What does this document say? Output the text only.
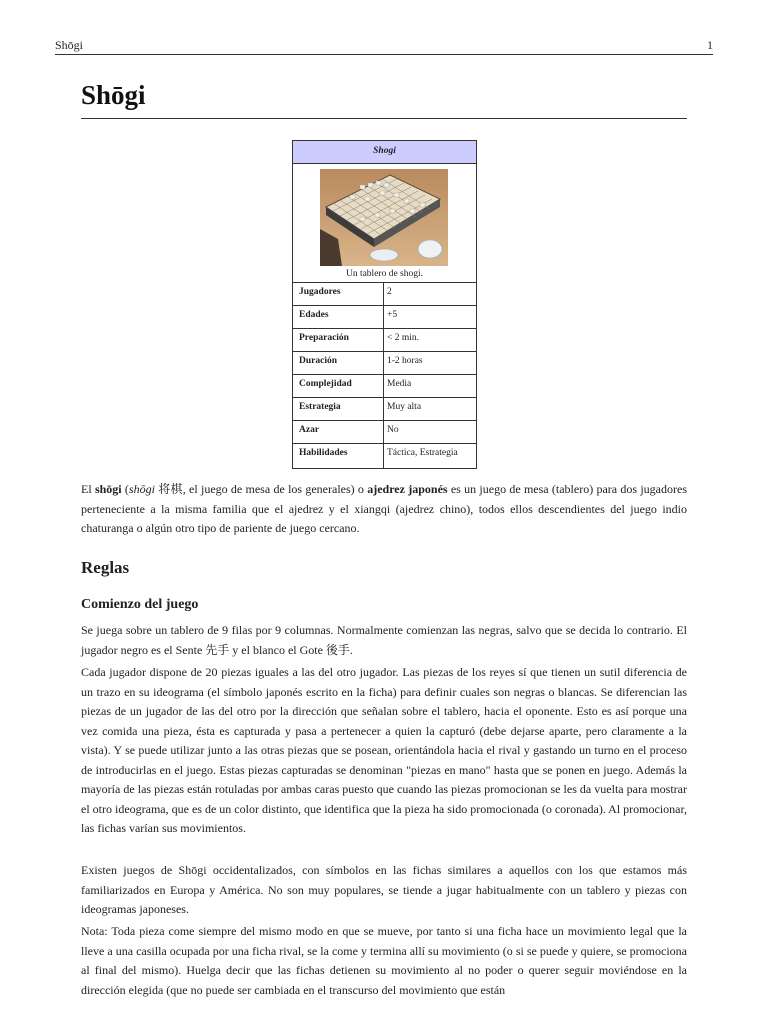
Shōgi	1
Shōgi
Shogi
Un tablero de shogi.
Jugadores	2
Edades	+5
Preparación	< 2 min.
Duración	1-2 horas
Complejidad	Media
Estrategia	Muy alta
Azar	No
Habilidades	Táctica, Estrategia

El shōgi (shōgi 将棋, el juego de mesa de los generales) o ajedrez japonés es un juego de mesa (tablero) para dos jugadores perteneciente a la misma familia que el ajedrez y el xiangqi (ajedrez chino), todos ellos descendientes del juego indio chaturanga o algún otro tipo de pariente de juego cercano.

Reglas
Comienzo del juego

Se juega sobre un tablero de 9 filas por 9 columnas. Normalmente comienzan las negras, salvo que se decida lo contrario. El jugador negro es el Sente 先手 y el blanco el Gote 後手.

Cada jugador dispone de 20 piezas iguales a las del otro jugador. Las piezas de los reyes sí que tienen un sutil diferencia de un trazo en su ideograma (el símbolo japonés escrito en la ficha) para definir cuales son negras o blancas. Se diferencian las piezas de un jugador de las del otro por la dirección que señalan sobre el tablero, hacia el oponente. Esto es así porque una vez comida una pieza, ésta es capturada y pasa a pertenecer a quien la capturó (debe dejarse aparte, pero claramente a la vista). Y se puede utilizar junto a las otras piezas que se posean, orientándola hacia el rival y gastando un turno en el proceso de introducirlas en el juego. Estas piezas capturadas se denominan "piezas en mano" hasta que se ponen en juego. Además la mayoría de las piezas están rotuladas por ambas caras puesto que cuando las piezas promocionan se les da vuelta para mostrar el otro ideograma, que es de un color distinto, que identifica que la pieza ha sido promocionada (o coronada). Al promocionar, las fichas varían sus movimientos.

Existen juegos de Shōgi occidentalizados, con símbolos en las fichas similares a aquellos con los que estamos más familiarizados en Europa y América. No son muy populares, se tiende a jugar habitualmente con un tablero y piezas con ideogramas japoneses.

Nota: Toda pieza come siempre del mismo modo en que se mueve, por tanto si una ficha hace un movimiento legal que la lleve a una casilla ocupada por una ficha rival, se la come y termina allí su movimiento (o si se puede y quiere, se promociona al final del mismo). Huelga decir que las fichas detienen su movimiento al no poder o querer seguir moviéndose en la dirección elegida (que no puede ser cambiada en el transcurso del movimiento que están
